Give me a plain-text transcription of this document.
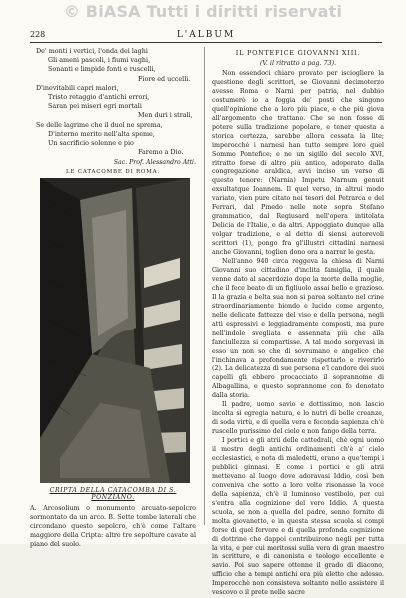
© BiASA Tutti i diritti riservati
228	L'ALBUM
De' monti i vertici, l'onda dei laghi
Gli ameni pascoli, i fiumi vaghi,
Sonanti e limpide fonti e ruscelli,
Fiore ed uccelli.
D'inevitabili capri malori,
Tristo retaggio d'antichi errori,
Saran pei miseri egri mortali
Men duri i strali,
Se delle lagrime che il duol ne sprema,
D'interno merito nell'alta speme,
Un sacrificio solenne e pio
Faremo a Dio.
Sac. Prof. Alessandro Atti.
LE CATACOMBE DI ROMA.
CRIPTA DELLA CATACOMBA DI S. PONZIANO.
A. Arcosolium o monumento arcuato-sepolcro sormontato da un arco. B. Sette tombe laterali che circondano questo sepolcro, ch'è come l'altare maggiore della Cripta: altre tre sepolture cavate al piano del suolo.
IL PONTEFICE GIOVANNI XIII.
(V. il ritratto a pag. 73).

Non essendoci chiaro provato per isciogliere la questione degli scrittori, se Giovanni decimoterzo avesse Roma o Narni per patria, nel dubbio costumerò io a foggia de' posti che singono quell'opinione che a loro più piace, e che più giova all'argomento che trattano. Che se non fosse di potere sulla tradizione popolare, e tener questa a storica certezza, sarebbe allora cessata la lite; imperocchè i narnesi han tutto sempre loro quel Sommo Pontefice; e ne un sigillo del secolo XVI, ritratto forse di altro più antico, adoperato dalla congregazione araldica, avvi inciso un verso di questo tenore: (Narnia) Impetu Narnum genuit exsultatque Ioannem. Il quel verso, in altrui modo variato, vien pure citato nei tesori del Petrarca e del Ferrari, dal Pinedo nelle note sopra Stefano grammatico, dal Regiusard nell'opera intitolata Delicia de l'Italie, e da altri. Appoggiato dunque alla volgar tradizione, e al detto di siensi autorevoli scrittori (1), pongo fra gl'illustri cittadini narnesi anche Giovanni, toglien dono ora a narrar le gesta.

Nell'anno 940 circa reggeva la chiesa di Narni Giovanni suo cittadino d'inclita famiglia, il quale venne dato al sacerdozio dopo la morte della moglie, che il fece beato di un figliuolo assai bello e grazioso. Il la grazia e belta sua non si parea soltanto nel crine straordinariamente biondo e lucido come argento, nelle delicate fattezze del viso e della persona, negli atti espressivi e leggiadramente composti, ma pure nell'indole svegliata e assennata più che alla fanciullezza si compartisse. A tal modo sorgevasi in esso un non so che di sovrumano e angelico che l'inchinava a profondamente rispettarlo e riverirlo (2). La delicatezza di sue persona e'l candore dei suoi capelli gli ebbero procacciato il soprannome di Albagallina, e questo soprannome con fo denotato dalla storia.

Il padre, uomo savio e dottissimo, non lascio incolta sì egregia natura, e lo nutrì di belle creanze, di soda virtù, e di quella vera e feconda sapienza ch'è ruscello purissimo del cielo e non fango della terra.

I portici e gli atrii delle cattedrali, chè ogni uomo il mostro degli antichi ordinamenti ch'è a' cielo ecclesiastici, e nota di maledetti, erano a que'tempi i pubblici ginnasi. E come i portici e gli atrii mettevano al luogo dove adoravasi Iddio, così ben conveniva che sotto a loro volte risonasse la voce della sapienza, ch'è il luminoso vestibolo, per cui s'entra alla cognizione del vero Iddio. A questa scuola, se non a quella del padre, senno fornito di molta giovanetto, e in questa stessa scuola si compì forse di quel fervore e di quella profonda cognizione di dottrine che dappoi contribuirono negli per tutta la vita, e per cui meritossi sulla vera di gran maestro in scritture, e di canonista e teologo eccellente e savio. Poi suo sapere ottenne il grado di diacono, ufficio che a tempi antichi era più eletto che adesso. Imperocchè non consisteva soltanto nello assistere il vescovo o il prete nelle sacre
